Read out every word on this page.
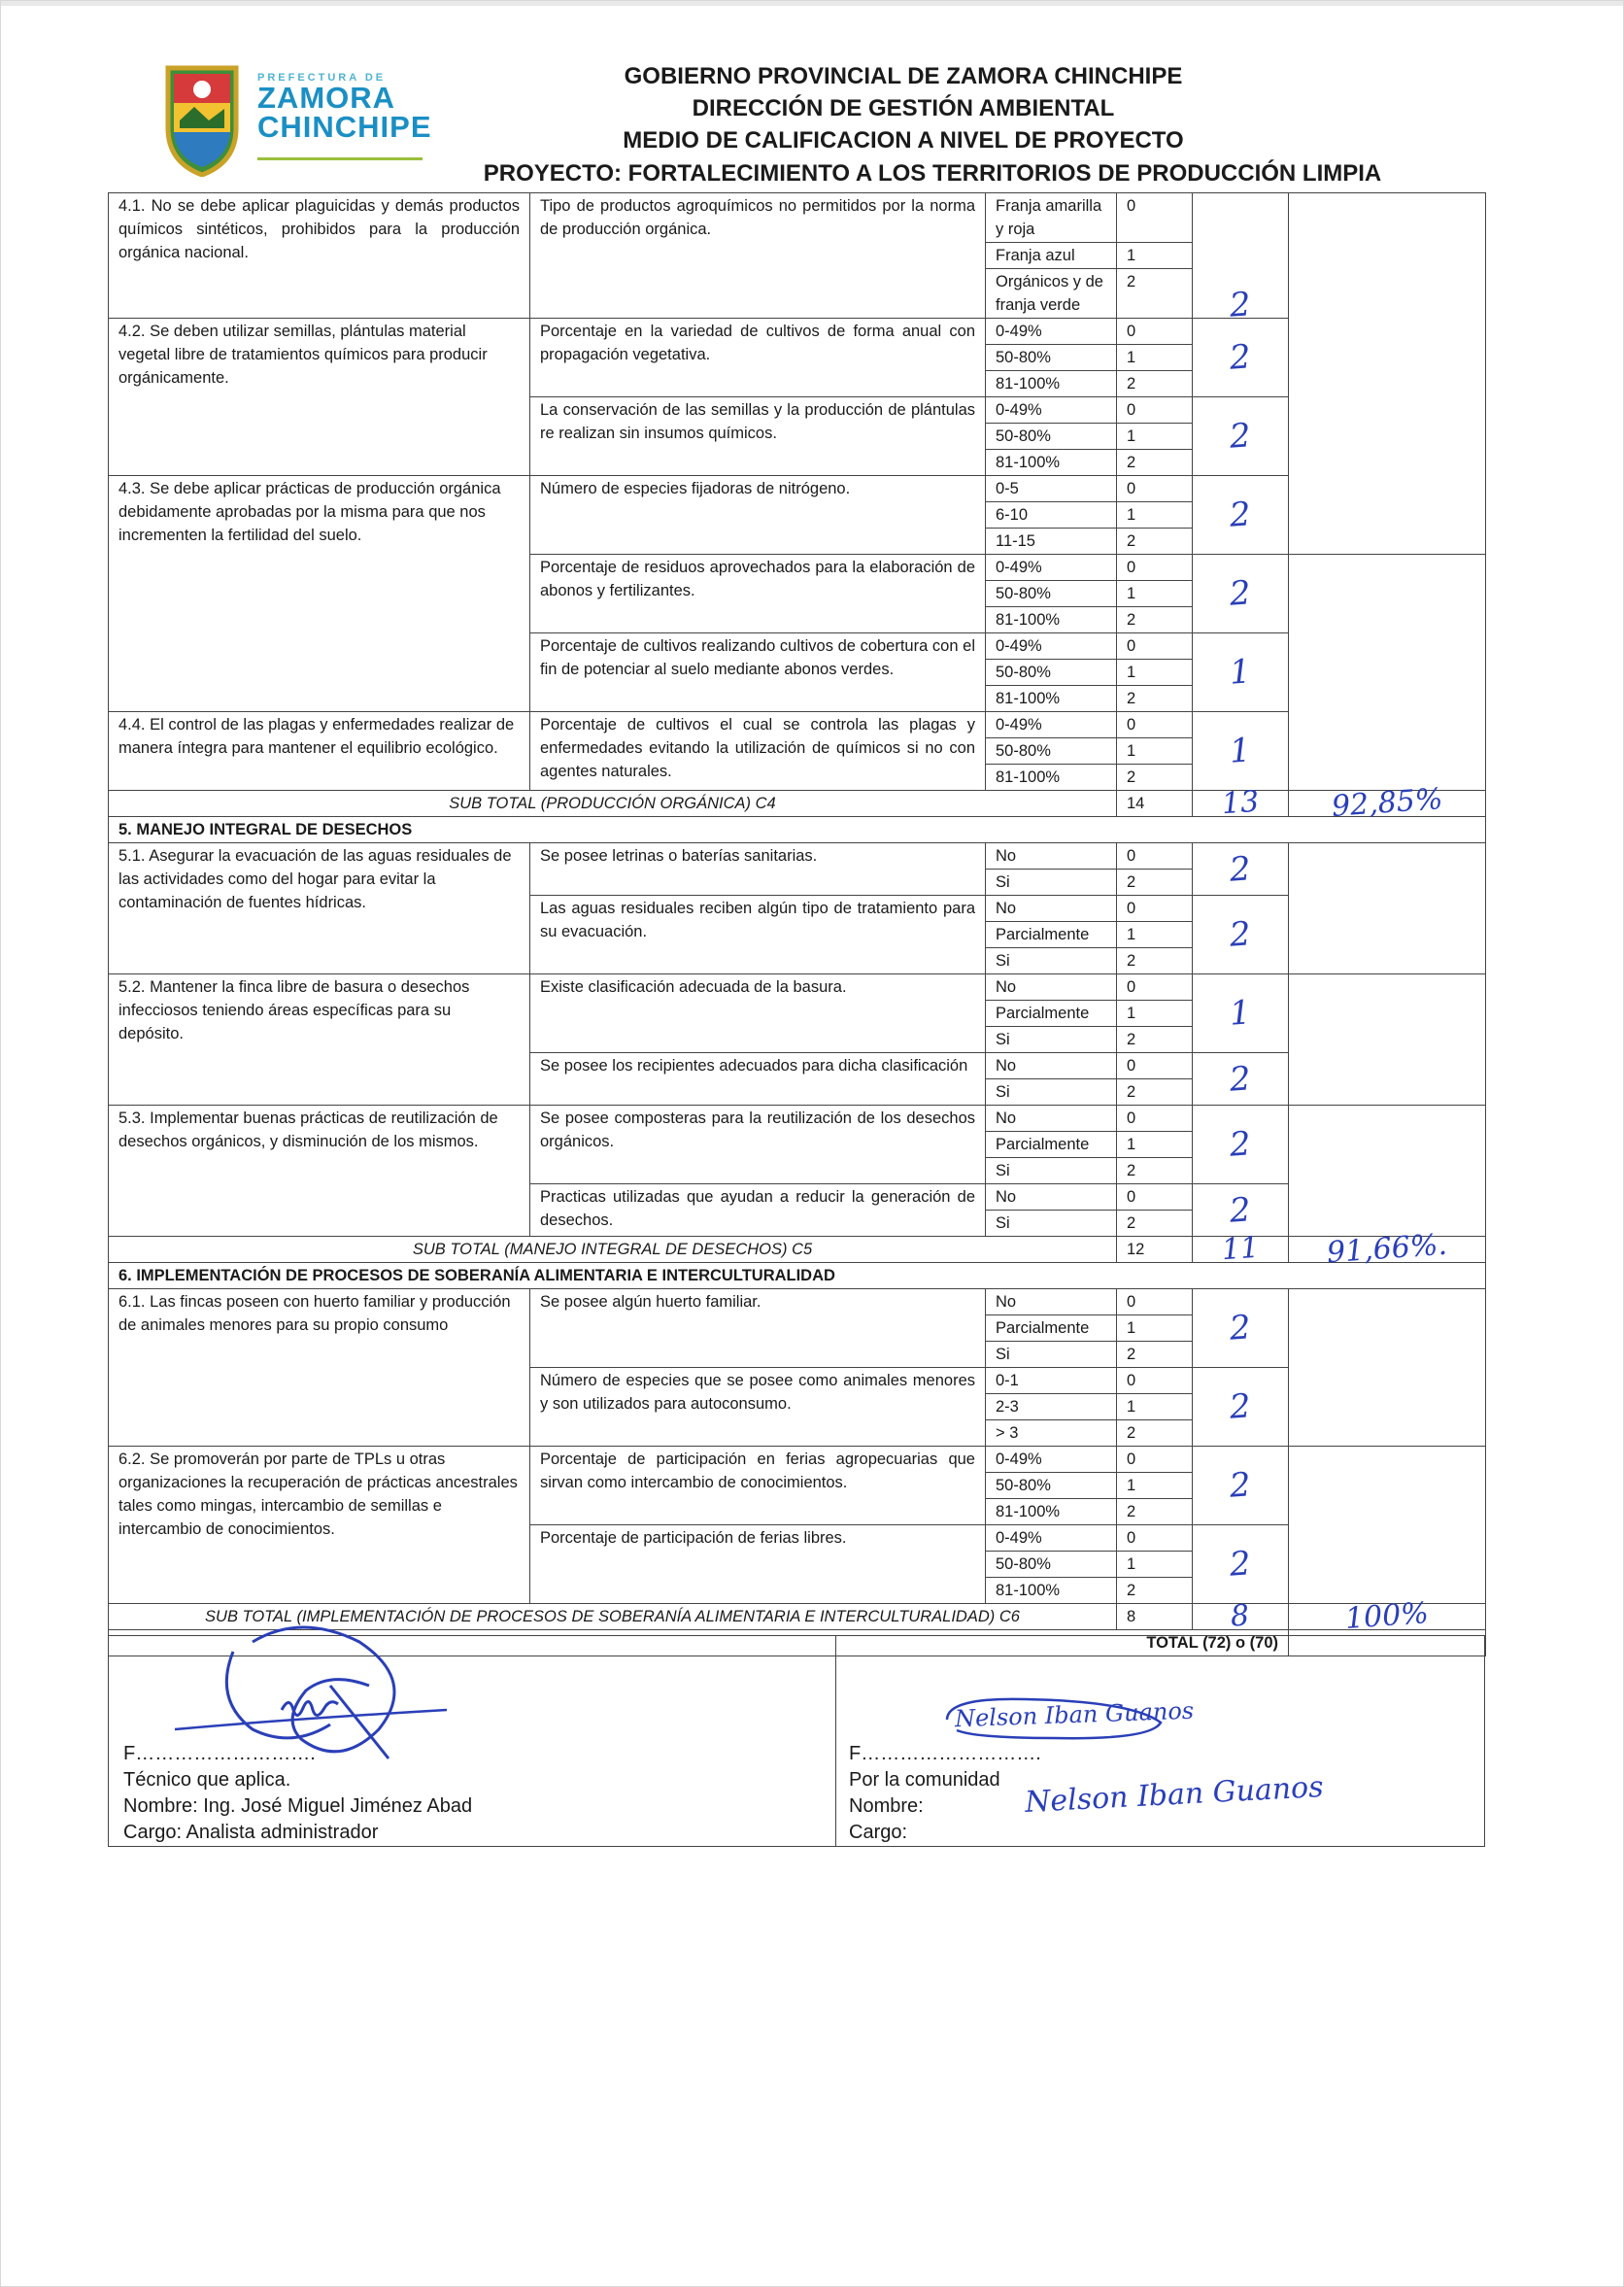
PREFECTURA DE
ZAMORA
CHINCHIPE
GOBIERNO PROVINCIAL DE ZAMORA CHINCHIPE
DIRECCIÓN DE GESTIÓN AMBIENTAL
MEDIO DE CALIFICACION A NIVEL DE PROYECTO
PROYECTO: FORTALECIMIENTO A LOS TERRITORIOS DE PRODUCCIÓN LIMPIA
4.1. No se debe aplicar plaguicidas y demás productos químicos sintéticos, prohibidos para la producción orgánica nacional.	Tipo de productos agroquímicos no permitidos por la norma de producción orgánica.	Franja amarilla y roja	0	2	
		Franja azul	1		
		Orgánicos y de franja verde	2		
4.2. Se deben utilizar semillas, plántulas material vegetal libre de tratamientos químicos para producir orgánicamente.	Porcentaje en la variedad de cultivos de forma anual con propagación vegetativa.	0-49%	0	2	
		50-80%	1		
		81-100%	2		
	La conservación de las semillas y la producción de plántulas re realizan sin insumos químicos.	0-49%	0	2	
		50-80%	1		
		81-100%	2		
4.3. Se debe aplicar prácticas de producción orgánica debidamente aprobadas por la misma para que nos incrementen la fertilidad del suelo.	Número de especies fijadoras de nitrógeno.	0-5	0	2	
		6-10	1		
		11-15	2		
	Porcentaje de residuos aprovechados para la elaboración de abonos y fertilizantes.	0-49%	0	2	
		50-80%	1		
		81-100%	2		
	Porcentaje de cultivos realizando cultivos de cobertura con el fin de potenciar al suelo mediante abonos verdes.	0-49%	0	1	
		50-80%	1		
		81-100%	2		
4.4. El control de las plagas y enfermedades realizar de manera íntegra para mantener el equilibrio ecológico.	Porcentaje de cultivos el cual se controla las plagas y enfermedades evitando la utilización de químicos si no con agentes naturales.	0-49%	0	1	
		50-80%	1		
		81-100%	2		
SUB TOTAL (PRODUCCIÓN ORGÁNICA) C4			14	13	92,85%
5. MANEJO INTEGRAL DE DESECHOS					
5.1. Asegurar la evacuación de las aguas residuales de las actividades como del hogar para evitar la contaminación de fuentes hídricas.	Se posee letrinas o baterías sanitarias.	No	0	2	
		Si	2		
	Las aguas residuales reciben algún tipo de tratamiento para su evacuación.	No	0	2	
		Parcialmente	1		
		Si	2		
5.2. Mantener la finca libre de basura o desechos infecciosos teniendo áreas específicas para su depósito.	Existe clasificación adecuada de la basura.	No	0	1	
		Parcialmente	1		
		Si	2		
	Se posee los recipientes adecuados para dicha clasificación	No	0	2	
		Si	2		
5.3. Implementar buenas prácticas de reutilización de desechos orgánicos, y disminución de los mismos.	Se posee composteras para la reutilización de los desechos orgánicos.	No	0	2	
		Parcialmente	1		
		Si	2		
	Practicas utilizadas que ayudan a reducir la generación de desechos.	No	0	2	
		Si	2		
SUB TOTAL (MANEJO INTEGRAL DE DESECHOS) C5			12	11	91,66%.
6. IMPLEMENTACIÓN DE PROCESOS DE SOBERANÍA ALIMENTARIA E INTERCULTURALIDAD					
6.1. Las fincas poseen con huerto familiar y producción de animales menores para su propio consumo	Se posee algún huerto familiar.	No	0	2	
		Parcialmente	1		
		Si	2		
	Número de especies que se posee como animales menores y son utilizados para autoconsumo.	0-1	0	2	
		2-3	1		
		> 3	2		
6.2. Se promoverán por parte de TPLs u otras organizaciones la recuperación de prácticas ancestrales tales como mingas, intercambio de semillas e intercambio de conocimientos.	Porcentaje de participación en ferias agropecuarias que sirvan como intercambio de conocimientos.	0-49%	0	2	
		50-80%	1		
		81-100%	2		
	Porcentaje de participación de ferias libres.	0-49%	0	2	
		50-80%	1		
		81-100%	2		
SUB TOTAL (IMPLEMENTACIÓN DE PROCESOS DE SOBERANÍA ALIMENTARIA E INTERCULTURALIDAD) C6			8	8	100%
TOTAL (72) o (70)					
F……………………….
Técnico que aplica.
Nombre: Ing. José Miguel Jiménez Abad
Cargo: Analista administrador
F……………………….
Por la comunidad
Nombre:
Cargo:
Nelson Iban Guanos
Nelson Iban Guanos
